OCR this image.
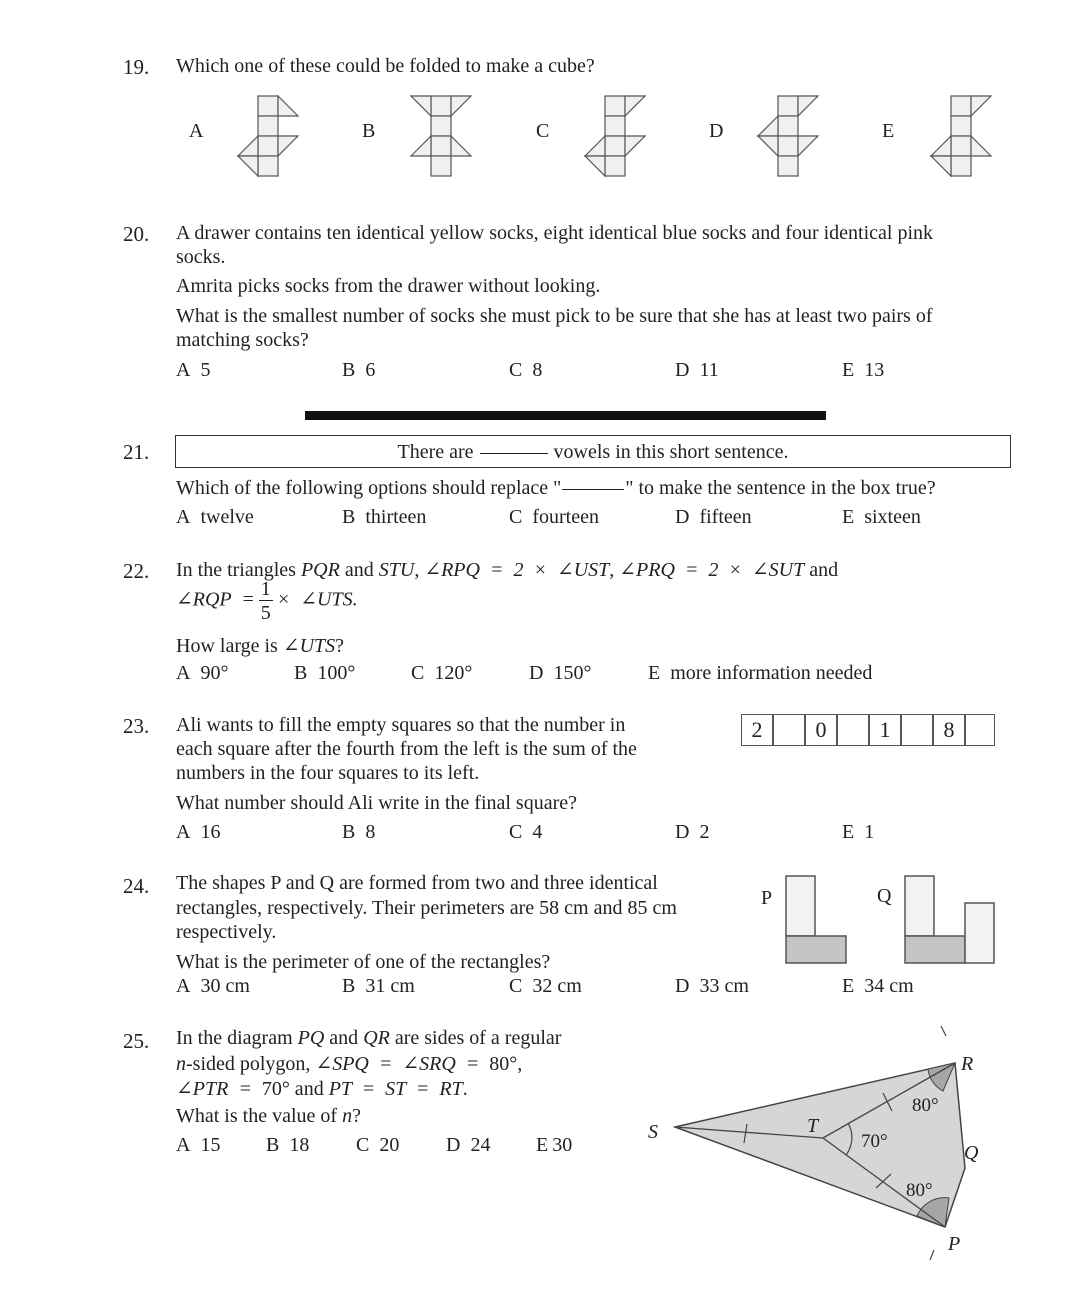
19. Which one of these could be folded to make a cube?
A	B	C	D	E
20. A drawer contains ten identical yellow socks, eight identical blue socks and four identical pink
socks.
Amrita picks socks from the drawer without looking.
What is the smallest number of socks she must pick to be sure that she has at least two pairs of
matching socks?
A 5	B 6	C 8	D 11	E 13
21.	There are	vowels in this short sentence.
Which of the following options should replace "	" to make the sentence in the box true?
A twelve	B thirteen	C fourteen	D fifteen	E sixteen
22. In the triangles PQR and STU, ∠RPQ  =  2  ×  ∠UST, ∠PRQ  =  2  ×  ∠SUT and
∠RQP  = $\frac{1}{5}$ ×  ∠UTS.
How large is ∠UTS?
A 90°	B 100°	C 120°	D 150°	E more information needed
23. Ali wants to fill the empty squares so that the number in
each square after the fourth from the left is the sum of the
numbers in the four squares to its left.
What number should Ali write in the final square?
2	0	1	8
A 16	B 8	C 4	D 2	E 1
24. The shapes P and Q are formed from two and three identical
rectangles, respectively. Their perimeters are 58 cm and 85 cm
respectively.
What is the perimeter of one of the rectangles?
P	Q
A 30 cm	B 31 cm	C 32 cm	D 33 cm	E 34 cm
25. In the diagram PQ and QR are sides of a regular
n-sided polygon, ∠SPQ  =  ∠SRQ  =  80°,
∠PTR  =  70° and PT  =  ST  =  RT.
What is the value of n?
A 15 B 18 C 20 D 24 E 30
S	T
R
Q
P
80°
70°
80°
